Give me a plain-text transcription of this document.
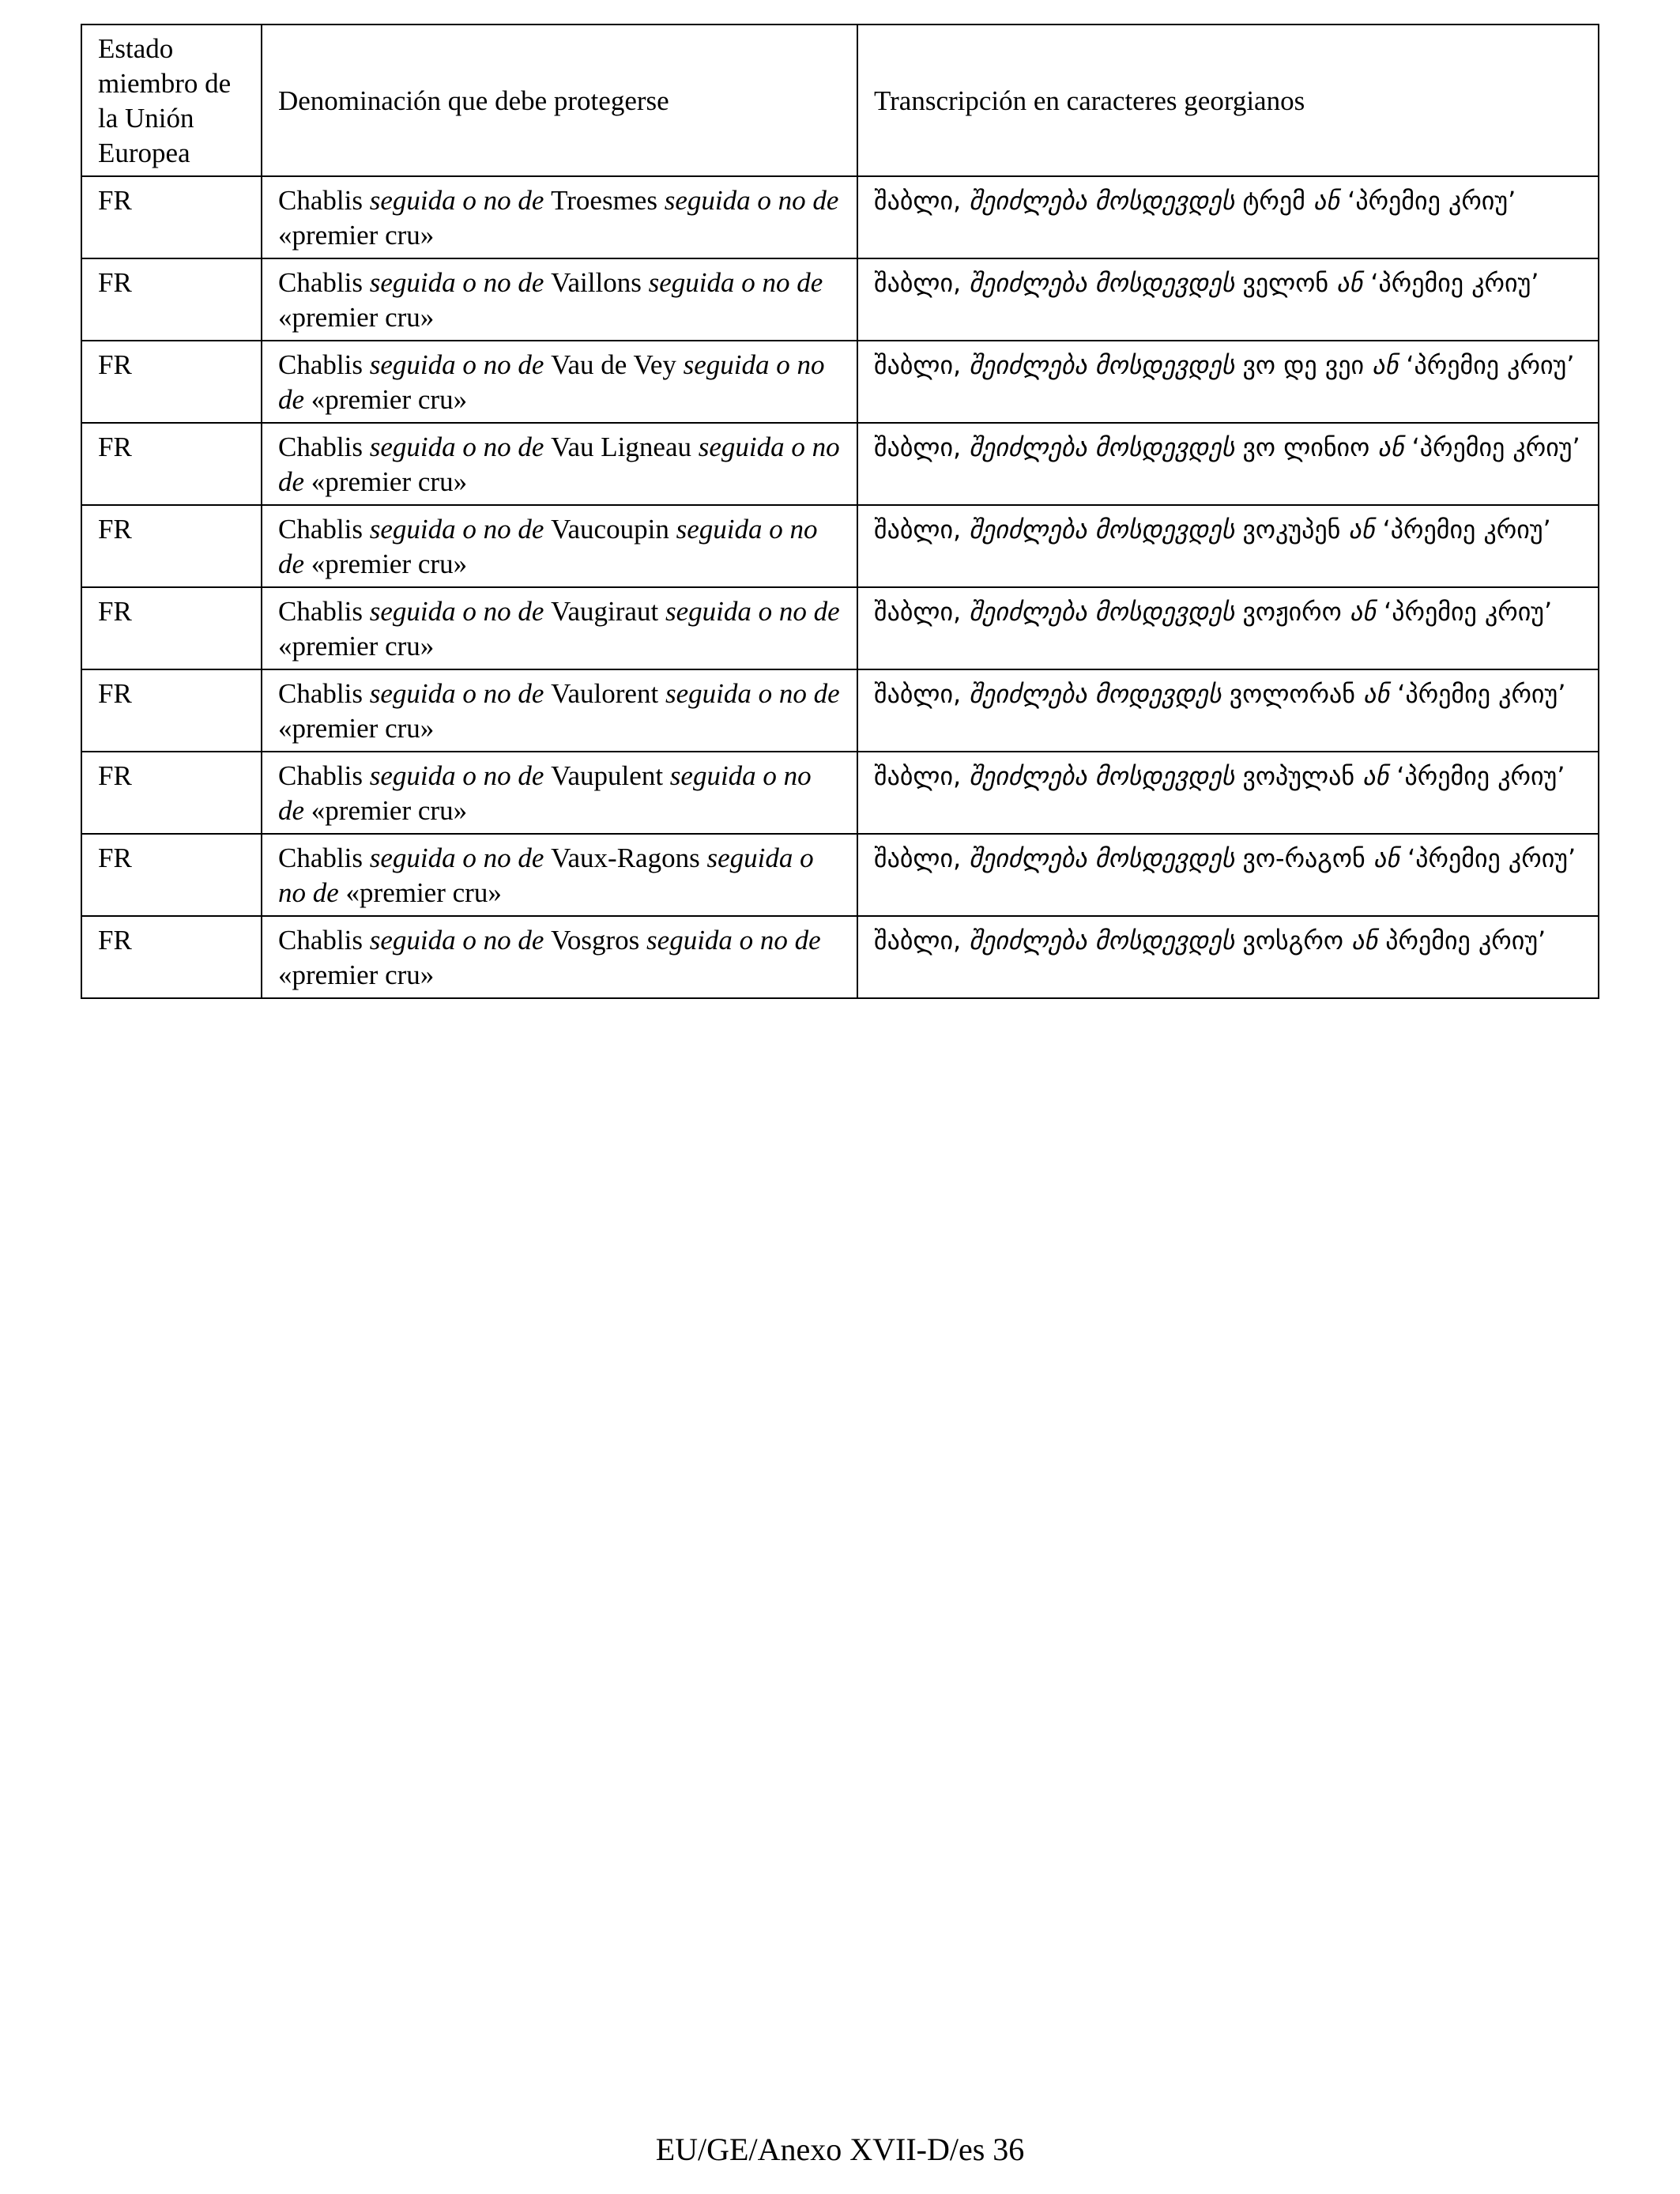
Estado miembro de la Unión Europea	Denominación que debe protegerse	Transcripción en caracteres georgianos
FR	Chablis seguida o no de Troesmes seguida o no de «premier cru»	შაბლი, შეიძლება მოსდევდეს ტრემ ან ‘პრემიე კრიუ’
FR	Chablis seguida o no de Vaillons seguida o no de «premier cru»	შაბლი, შეიძლება მოსდევდეს ველონ ან ‘პრემიე კრიუ’
FR	Chablis seguida o no de Vau de Vey seguida o no de «premier cru»	შაბლი, შეიძლება მოსდევდეს ვო დე ვეი ან ‘პრემიე კრიუ’
FR	Chablis seguida o no de Vau Ligneau seguida o no de «premier cru»	შაბლი, შეიძლება მოსდევდეს ვო ლინიო ან ‘პრემიე კრიუ’
FR	Chablis seguida o no de Vaucoupin seguida o no de «premier cru»	შაბლი, შეიძლება მოსდევდეს ვოკუპენ ან ‘პრემიე კრიუ’
FR	Chablis seguida o no de Vaugiraut seguida o no de «premier cru»	შაბლი, შეიძლება მოსდევდეს ვოჟირო ან ‘პრემიე კრიუ’
FR	Chablis seguida o no de Vaulorent seguida o no de «premier cru»	შაბლი, შეიძლება მოდევდეს ვოლორან ან ‘პრემიე კრიუ’
FR	Chablis seguida o no de Vaupulent seguida o no de «premier cru»	შაბლი, შეიძლება მოსდევდეს ვოპულან ან ‘პრემიე კრიუ’
FR	Chablis seguida o no de Vaux-Ragons seguida o no de «premier cru»	შაბლი, შეიძლება მოსდევდეს ვო-რაგონ ან ‘პრემიე კრიუ’
FR	Chablis seguida o no de Vosgros seguida o no de «premier cru»	შაბლი, შეიძლება მოსდევდეს ვოსგრო ან პრემიე კრიუ’
EU/GE/Anexo XVII-D/es 36
